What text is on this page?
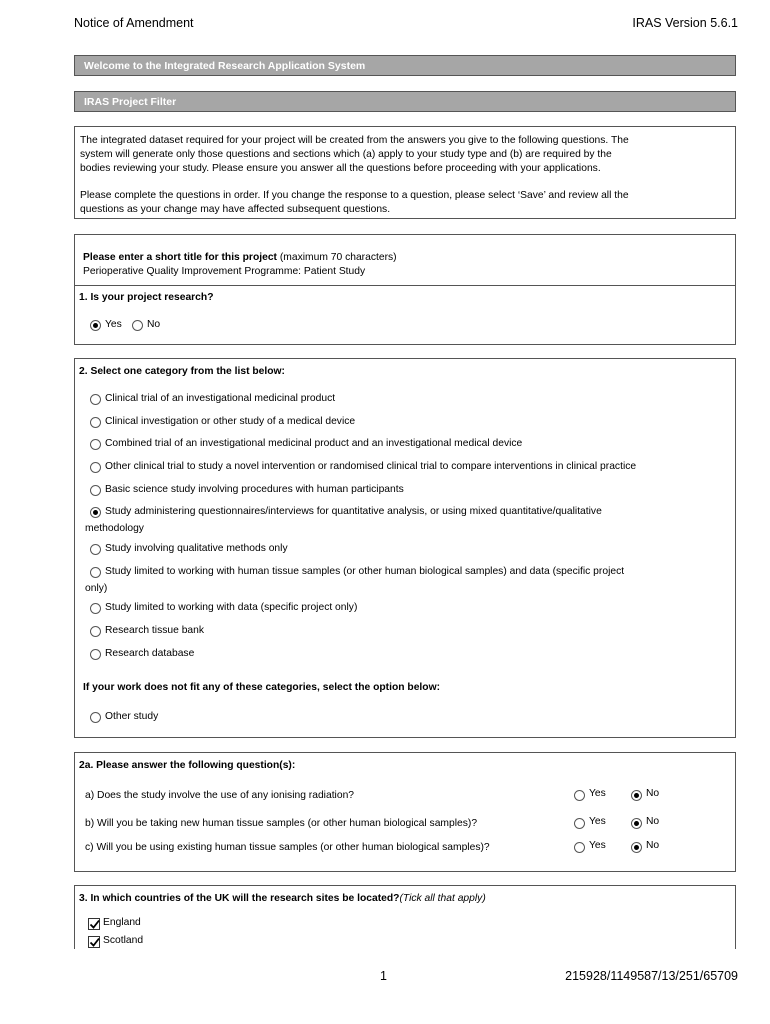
Notice of Amendment	IRAS Version 5.6.1
Welcome to the Integrated Research Application System
IRAS Project Filter
The integrated dataset required for your project will be created from the answers you give to the following questions. The
system will generate only those questions and sections which (a) apply to your study type and (b) are required by the
bodies reviewing your study. Please ensure you answer all the questions before proceeding with your applications.
Please complete the questions in order. If you change the response to a question, please select ‘Save’ and review all the
questions as your change may have affected subsequent questions.
Please enter a short title for this project (maximum 70 characters)
Perioperative Quality Improvement Programme: Patient Study
1. Is your project research?
Yes No
2. Select one category from the list below:
Clinical trial of an investigational medicinal product
Clinical investigation or other study of a medical device
Combined trial of an investigational medicinal product and an investigational medical device
Other clinical trial to study a novel intervention or randomised clinical trial to compare interventions in clinical practice
Basic science study involving procedures with human participants
Study administering questionnaires/interviews for quantitative analysis, or using mixed quantitative/qualitative
methodology
Study involving qualitative methods only
Study limited to working with human tissue samples (or other human biological samples) and data (specific project
only)
Study limited to working with data (specific project only)
Research tissue bank
Research database
If your work does not fit any of these categories, select the option below:
Other study
2a. Please answer the following question(s):
a) Does the study involve the use of any ionising radiation?	Yes	No
b) Will you be taking new human tissue samples (or other human biological samples)?	Yes	No
c) Will you be using existing human tissue samples (or other human biological samples)?	Yes	No
3. In which countries of the UK will the research sites be located?(Tick all that apply)
England
Scotland
1	215928/1149587/13/251/65709
